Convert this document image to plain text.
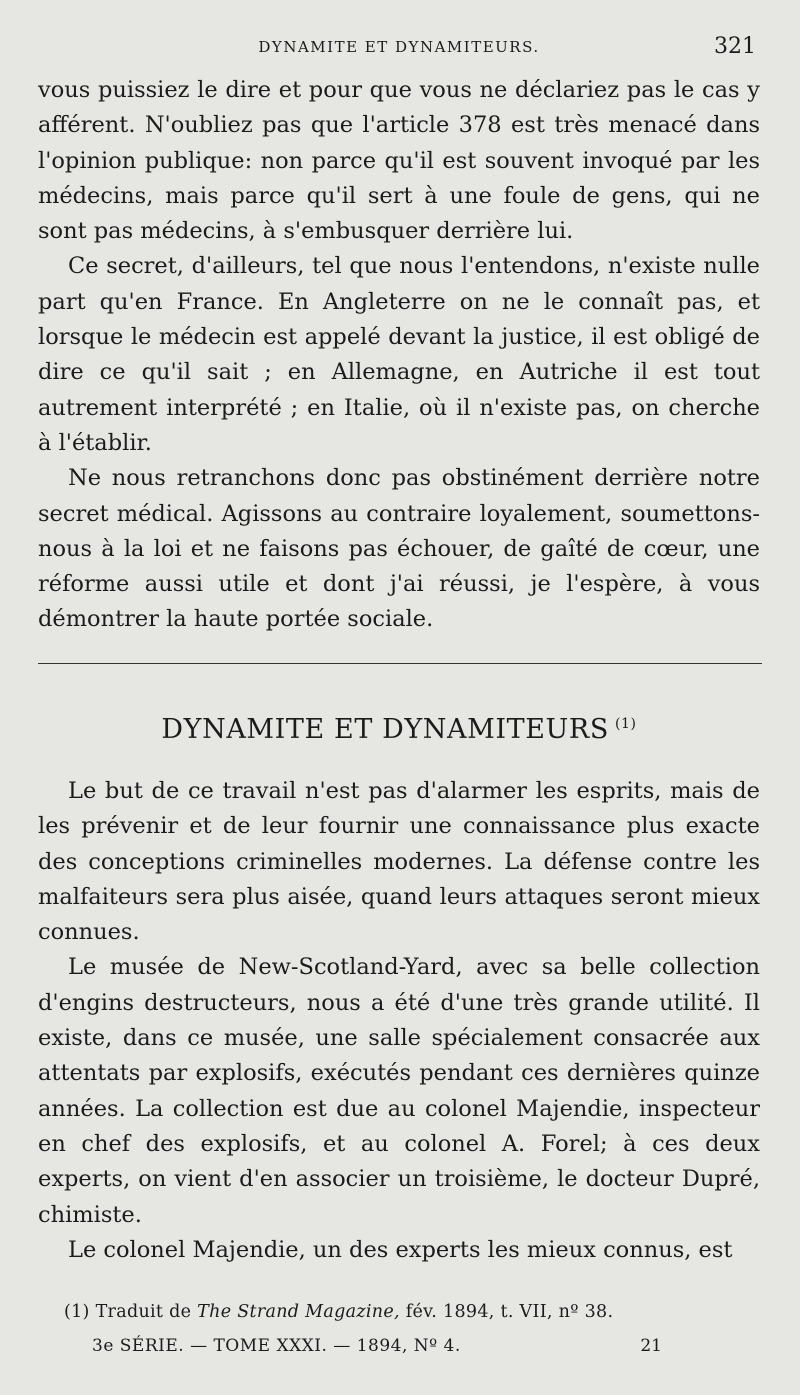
DYNAMITE ET DYNAMITEURS.	321

vous puissiez le dire et pour que vous ne déclariez pas le cas y afférent. N'oubliez pas que l'article 378 est très menacé dans l'opinion publique: non parce qu'il est souvent invoqué par les médecins, mais parce qu'il sert à une foule de gens, qui ne sont pas médecins, à s'embusquer derrière lui.

Ce secret, d'ailleurs, tel que nous l'entendons, n'existe nulle part qu'en France. En Angleterre on ne le connaît pas, et lorsque le médecin est appelé devant la justice, il est obligé de dire ce qu'il sait ; en Allemagne, en Autriche il est tout autrement interprété ; en Italie, où il n'existe pas, on cherche à l'établir.

Ne nous retranchons donc pas obstinément derrière notre secret médical. Agissons au contraire loyalement, soumettons-nous à la loi et ne faisons pas échouer, de gaîté de cœur, une réforme aussi utile et dont j'ai réussi, je l'espère, à vous démontrer la haute portée sociale.

DYNAMITE ET DYNAMITEURS $^{(1)}$

Le but de ce travail n'est pas d'alarmer les esprits, mais de les prévenir et de leur fournir une connaissance plus exacte des conceptions criminelles modernes. La défense contre les malfaiteurs sera plus aisée, quand leurs attaques seront mieux connues.

Le musée de New-Scotland-Yard, avec sa belle collection d'engins destructeurs, nous a été d'une très grande utilité. Il existe, dans ce musée, une salle spécialement consacrée aux attentats par explosifs, exécutés pendant ces dernières quinze années. La collection est due au colonel Majendie, inspecteur en chef des explosifs, et au colonel A. Forel; à ces deux experts, on vient d'en associer un troisième, le docteur Dupré, chimiste.

Le colonel Majendie, un des experts les mieux connus, est

(1) Traduit de The Strand Magazine, fév. 1894, t. VII, nº 38.
3e SÉRIE. — TOME XXXI. — 1894, Nº 4.	21
